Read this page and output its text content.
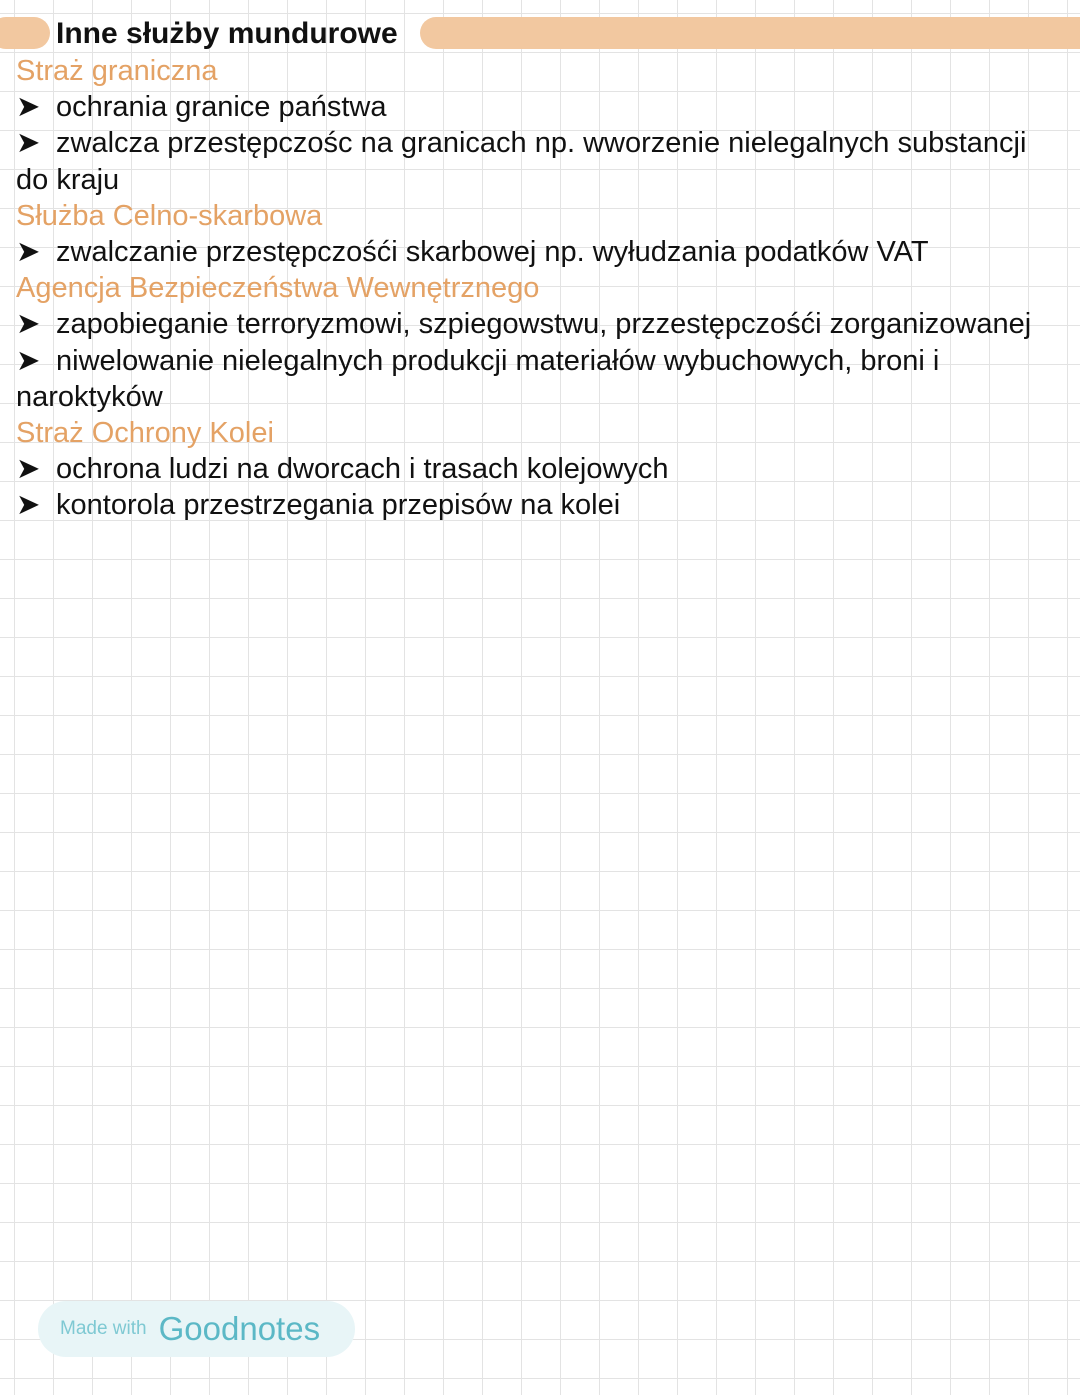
Inne służby mundurowe

Straż graniczna

➤ ochrania granice państwa

➤ zwalcza przestępczośc na granicach np. wworzenie nielegalnych substancji do kraju

Służba Celno-skarbowa

➤ zwalczanie przestępczośći skarbowej np. wyłudzania podatków VAT

Agencja Bezpieczeństwa Wewnętrznego

➤ zapobieganie terroryzmowi, szpiegowstwu, przzestępczośći zorganizowanej

➤ niwelowanie nielegalnych produkcji materiałów wybuchowych, broni i naroktyków

Straż Ochrony Kolei

➤ ochrona ludzi na dworcach i trasach kolejowych

➤ kontorola przestrzegania przepisów na kolei

Made with Goodnotes
